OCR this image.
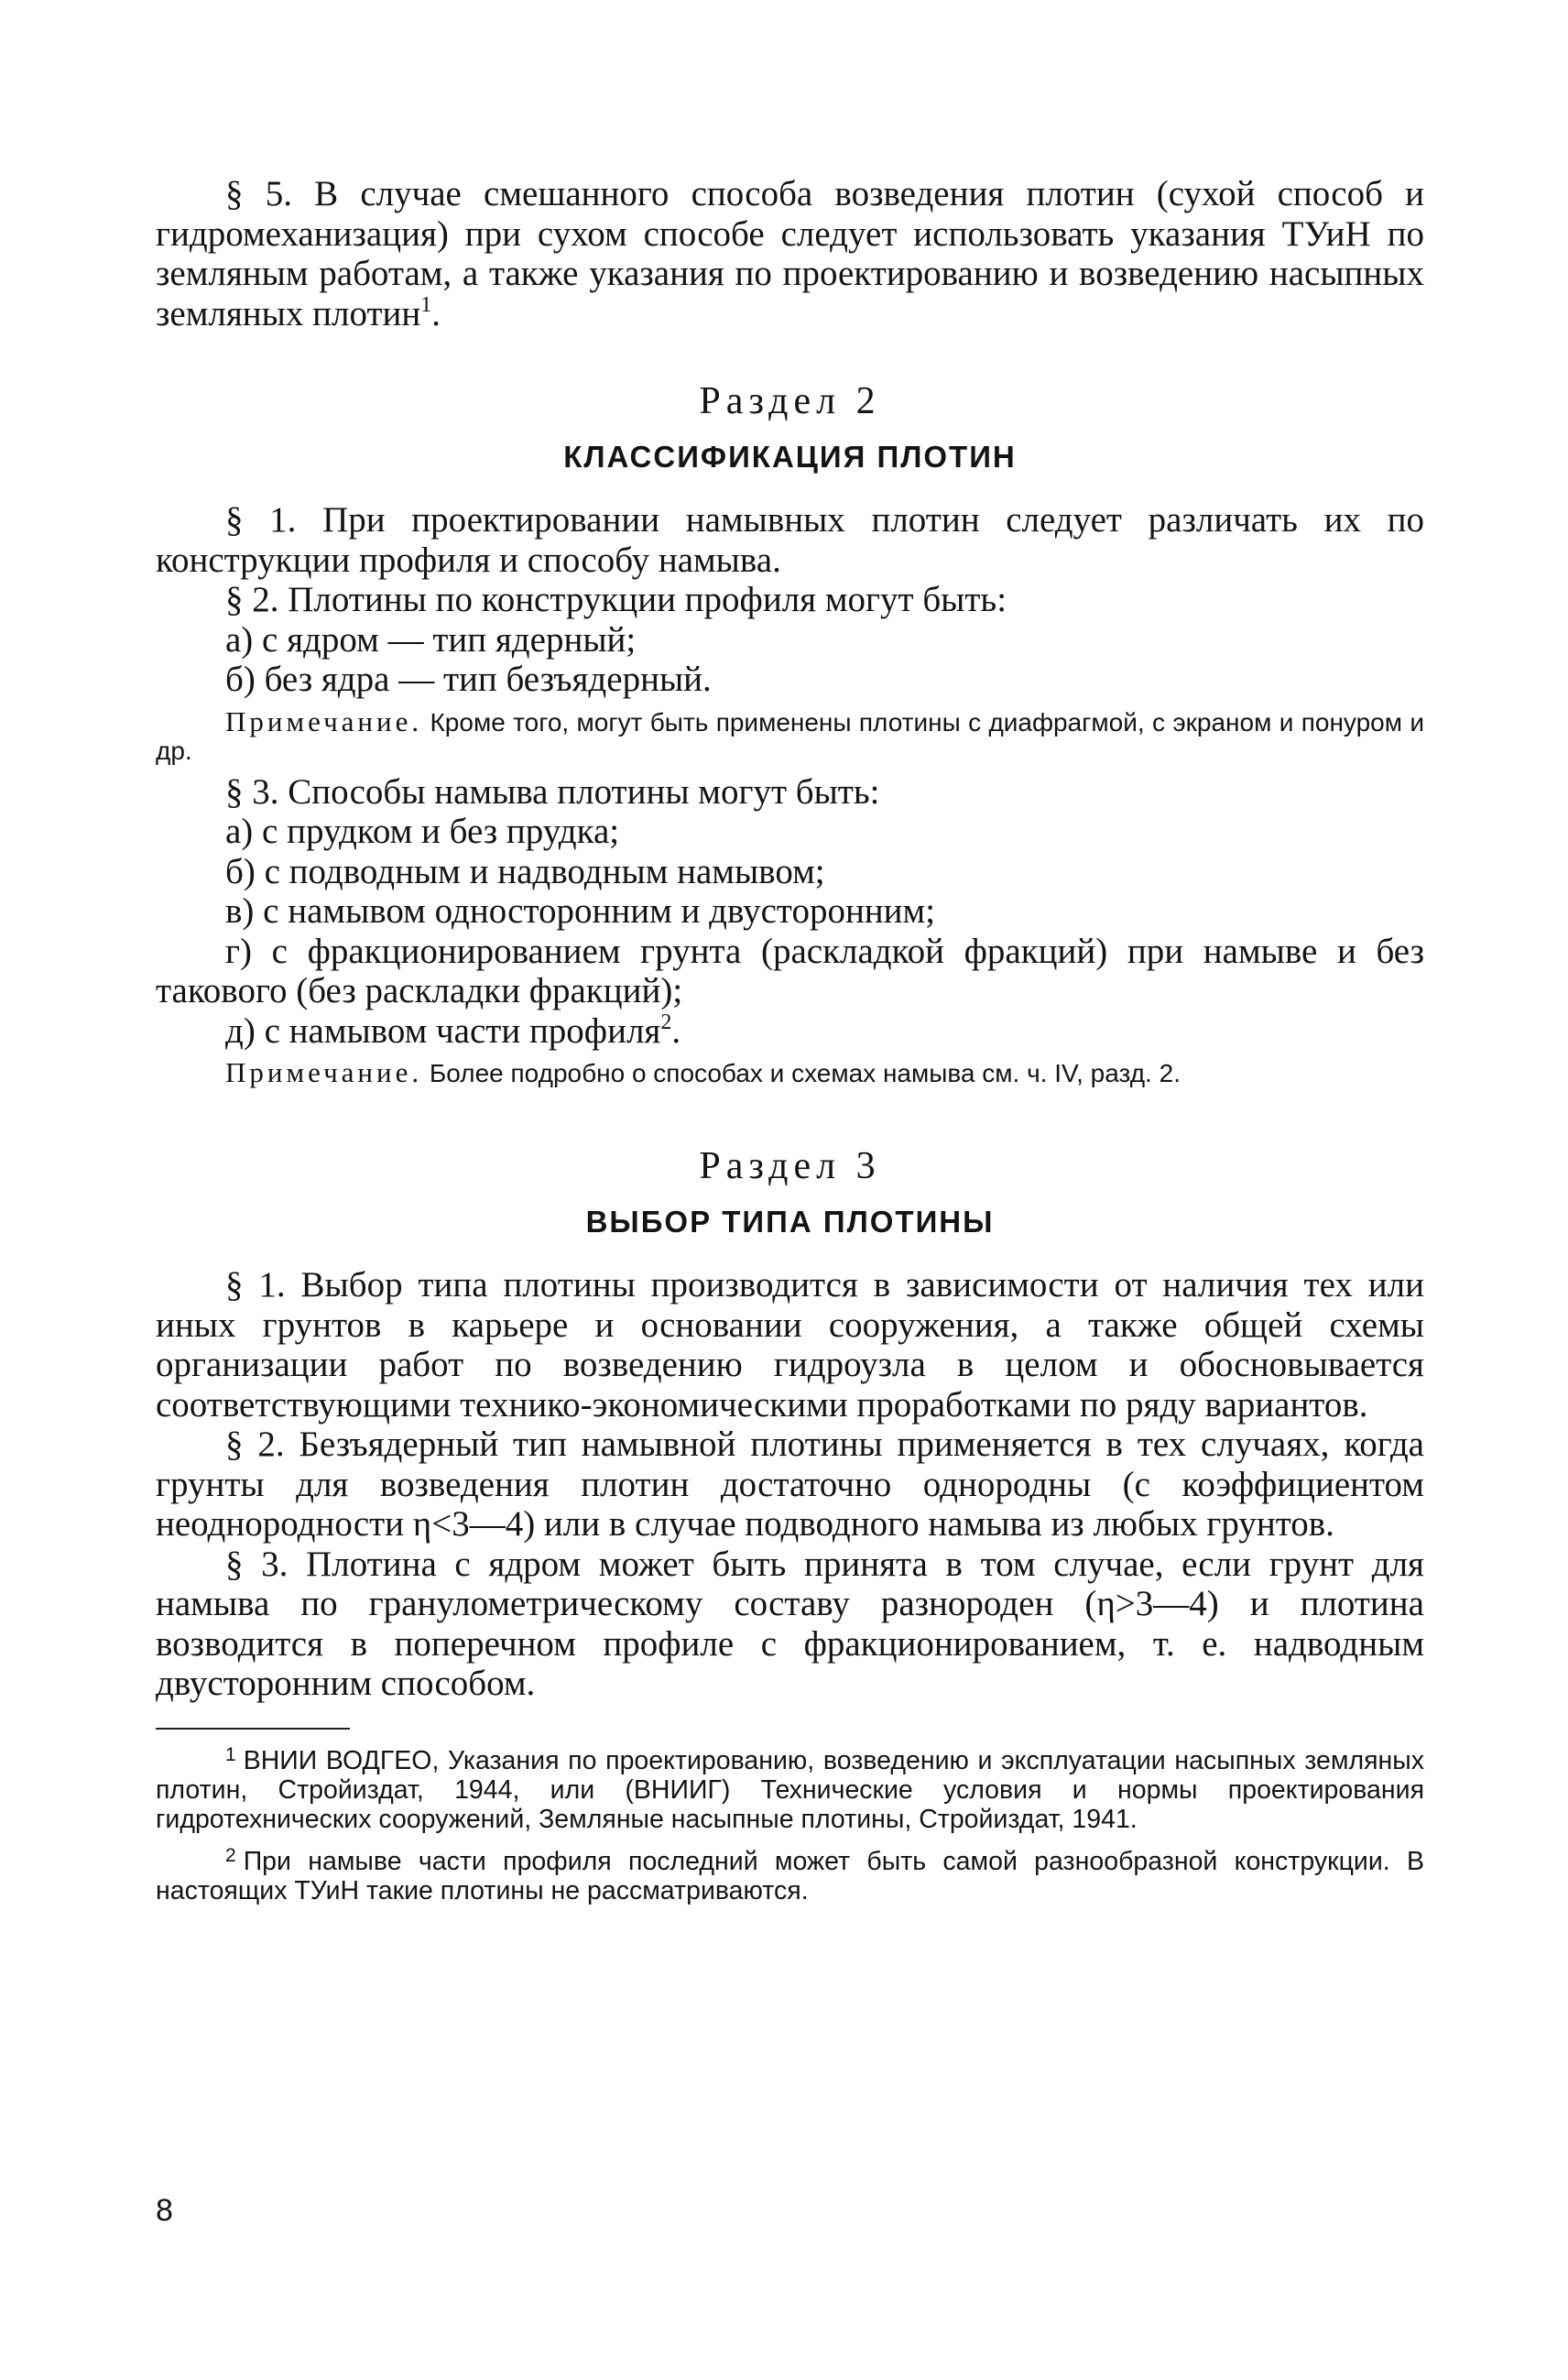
§ 5. В случае смешанного способа возведения плотин (сухой способ и гидромеханизация) при сухом способе следует использовать указания ТУиН по земляным работам, а также указания по проектированию и возведению насыпных земляных плотин$^1$.

Раздел 2
КЛАССИФИКАЦИЯ ПЛОТИН

§ 1. При проектировании намывных плотин следует различать их по конструкции профиля и способу намыва.

§ 2. Плотины по конструкции профиля могут быть:

а) с ядром — тип ядерный;

б) без ядра — тип безъядерный.

Примечание. Кроме того, могут быть применены плотины с диафрагмой, с экраном и понуром и др.

§ 3. Способы намыва плотины могут быть:

а) с прудком и без прудка;

б) с подводным и надводным намывом;

в) с намывом односторонним и двусторонним;

г) с фракционированием грунта (раскладкой фракций) при намыве и без такового (без раскладки фракций);

д) с намывом части профиля$^2$.

Примечание. Более подробно о способах и схемах намыва см. ч. IV, разд. 2.

Раздел 3
ВЫБОР ТИПА ПЛОТИНЫ

§ 1. Выбор типа плотины производится в зависимости от наличия тех или иных грунтов в карьере и основании сооружения, а также общей схемы организации работ по возведению гидроузла в целом и обосновывается соответствующими технико-экономическими проработками по ряду вариантов.

§ 2. Безъядерный тип намывной плотины применяется в тех случаях, когда грунты для возведения плотин достаточно однородны (с коэффициентом неоднородности η<3—4) или в случае подводного намыва из любых грунтов.

§ 3. Плотина с ядром может быть принята в том случае, если грунт для намыва по гранулометрическому составу разнороден (η>3—4) и плотина возводится в поперечном профиле с фракционированием, т. е. надводным двусторонним способом.

$^1$ ВНИИ ВОДГЕО, Указания по проектированию, возведению и эксплуатации насыпных земляных плотин, Стройиздат, 1944, или (ВНИИГ) Технические условия и нормы проектирования гидротехнических сооружений, Земляные насыпные плотины, Стройиздат, 1941.

$^2$ При намыве части профиля последний может быть самой разнообразной конструкции. В настоящих ТУиН такие плотины не рассматриваются.

8
